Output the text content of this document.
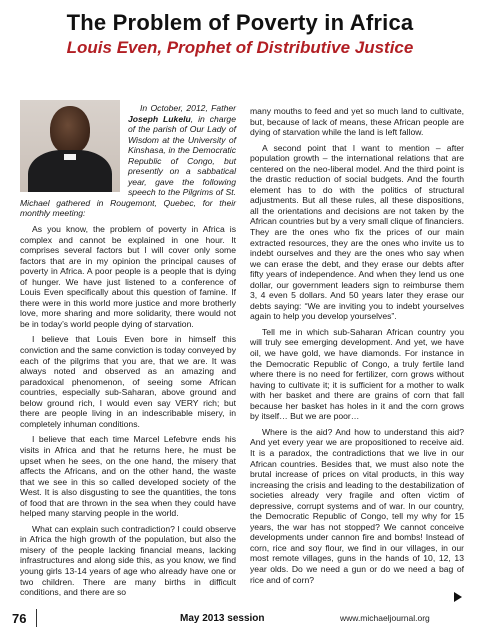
The Problem of Poverty in Africa
Louis Even, Prophet of Distributive Justice

In October, 2012, Father Joseph Lukelu, in charge of the parish of Our Lady of Wisdom at the University of Kinshasa, in the Democratic Republic of Congo, but presently on a sabbatical year, gave the following speech to the Pilgrims of St. Michael gathered in Rougemont, Quebec, for their monthly meeting:

As you know, the problem of poverty in Africa is complex and cannot be explained in one hour. It comprises several factors but I will cover only some factors that are in my opinion the principal causes of poverty in Africa. A poor people is a people that is dying of hunger. We have just listened to a conference of Louis Even specifically about this question of famine. If there were in this world more justice and more brotherly love, more sharing and more solidarity, there would not be in today’s world people dying of starvation.

I believe that Louis Even bore in himself this conviction and the same conviction is today conveyed by each of the pilgrims that you are, that we are. It was always noted and observed as an amazing and paradoxical phenomenon, of seeing some African countries, especially sub-Saharan, above ground and below ground rich, I would even say VERY rich; but there are people living in an indescribable misery, in completely inhuman conditions.

I believe that each time Marcel Lefebvre ends his visits in Africa and that he returns here, he must be upset when he sees, on the one hand, the misery that affects the Africans, and on the other hand, the waste that we see in this so called developed society of the West. It is also disgusting to see the quantities, the tons of food that are thrown in the sea when they could have helped many starving people in the world.

What can explain such contradiction? I could observe in Africa the high growth of the population, but also the misery of the people lacking financial means, lacking infrastructures and along side this, as you know, we find young girls 13-14 years of age who already have one or two children. There are many births in difficult conditions, and there are so

many mouths to feed and yet so much land to cultivate, but, because of lack of means, these African people are dying of starvation while the land is left fallow.

A second point that I want to mention – after population growth – the international relations that are centered on the neo-liberal model. And the third point is the drastic reduction of social budgets. And the fourth element has to do with the politics of structural adjustments. But all these rules, all these dispositions, all the orientations and decisions are not taken by the African countries but by a very small clique of financiers. They are the ones who fix the prices of our main extracted resources, they are the ones who invite us to indebt ourselves and they are the ones who say when we can erase the debt, and they erase our debts after fifty years of independence. And when they lend us one dollar, our government leaders sign to reimburse them 3, 4 even 5 dollars. And 50 years later they erase our debts saying: “We are inviting you to indebt yourselves again to help you develop yourselves”.

Tell me in which sub-Saharan African country you will truly see emerging development. And yet, we have oil, we have gold, we have diamonds. For instance in the Democratic Republic of Congo, a truly fertile land where there is no need for fertilizer, corn grows without having to cultivate it; it is sufficient for a mother to walk with her basket and there are grains of corn that fall because her basket has holes in it and the corn grows by itself… But we are poor…

Where is the aid? And how to understand this aid? And yet every year we are propositioned to receive aid. It is a paradox, the contradictions that we live in our African countries. Besides that, we must also note the brutal increase of prices on vital products, in this way increasing the crisis and leading to the destabilization of societies already very fragile and often victim of depressive, corrupt systems and of war. In our country, the Democratic Republic of Congo, tell my why for 15 years, the war has not stopped? We cannot conceive developments under cannon fire and bombs! Instead of corn, rice and soy flour, we find in our villages, in our most remote villages, guns in the hands of 10, 12, 13 year olds. Do we need a gun or do we need a bag of rice and of corn?

76	May 2013 session	www.michaeljournal.org
